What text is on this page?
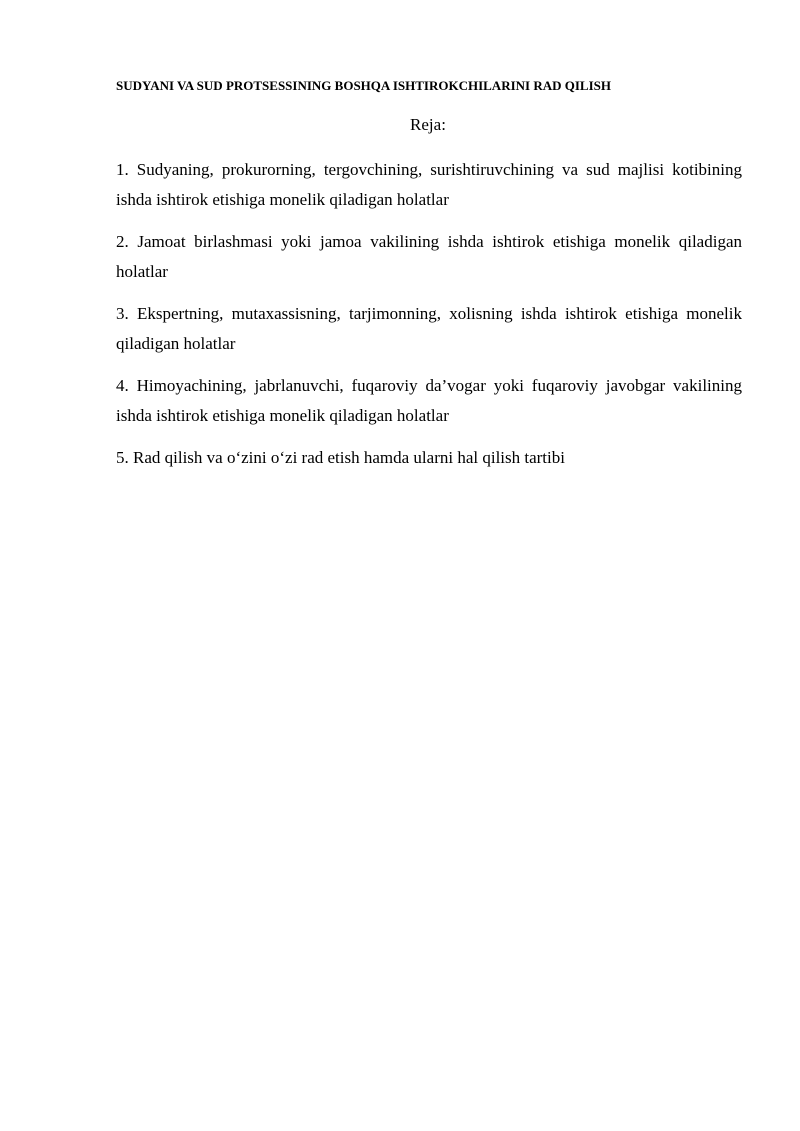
SUDYANI VA SUD PROTSESSINING BOSHQA ISHTIROKCHILARINI RAD QILISH
Reja:
1. Sudyaning, prokurorning, tergovchining, surishtiruvchining va sud majlisi kotibining ishda ishtirok etishiga monelik qiladigan holatlar
2. Jamoat birlashmasi yoki jamoa vakilining ishda ishtirok etishiga monelik qiladigan holatlar
3. Ekspertning, mutaxassisning, tarjimonning, xolisning ishda ishtirok etishiga monelik qiladigan holatlar
4. Himoyachining, jabrlanuvchi, fuqaroviy da’vogar yoki fuqaroviy javobgar vakilining ishda ishtirok etishiga monelik qiladigan holatlar
5. Rad qilish va o‘zini o‘zi rad etish hamda ularni hal qilish tartibi
